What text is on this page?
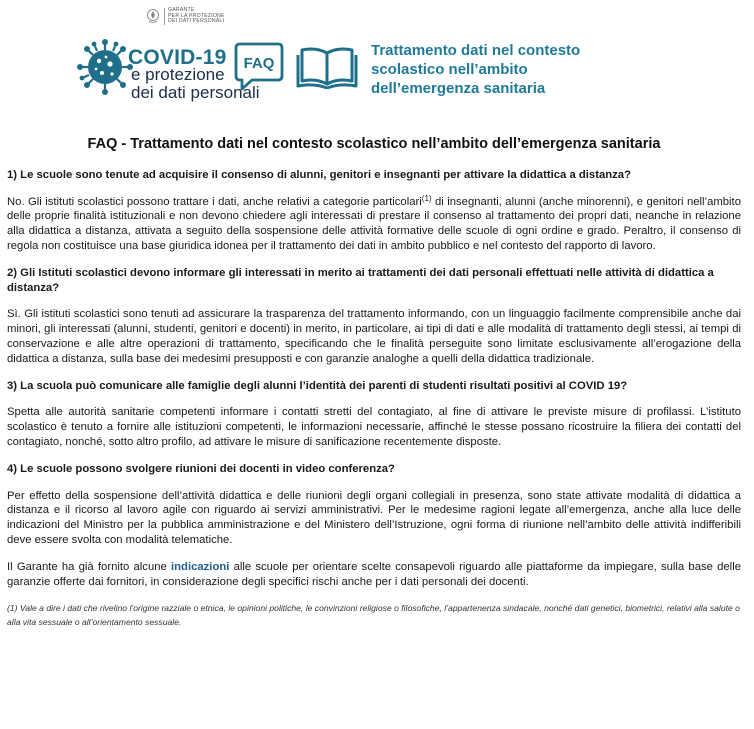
GARANTE
PER LA PROTEZIONE
DEI DATI PERSONALI
COVID-19
e protezione
dei dati personali
FAQ
Trattamento dati nel contesto
scolastico nell’ambito
dell’emergenza sanitaria
FAQ - Trattamento dati nel contesto scolastico nell’ambito dell’emergenza sanitaria
1) Le scuole sono tenute ad acquisire il consenso di alunni, genitori e insegnanti per attivare la didattica a distanza?
No. Gli istituti scolastici possono trattare i dati, anche relativi a categorie particolari$^{(1)}$ di insegnanti, alunni (anche minorenni), e genitori nell’ambito delle proprie finalità istituzionali e non devono chiedere agli interessati di prestare il consenso al trattamento dei propri dati, neanche in relazione alla didattica a distanza, attivata a seguito della sospensione delle attività formative delle scuole di ogni ordine e grado. Peraltro, il consenso di regola non costituisce una base giuridica idonea per il trattamento dei dati in ambito pubblico e nel contesto del rapporto di lavoro.
2) Gli Istituti scolastici devono informare gli interessati in merito ai trattamenti dei dati personali effettuati nelle attività di didattica a distanza?
Sì. Gli istituti scolastici sono tenuti ad assicurare la trasparenza del trattamento informando, con un linguaggio facilmente comprensibile anche dai minori, gli interessati (alunni, studenti, genitori e docenti) in merito, in particolare, ai tipi di dati e alle modalità di trattamento degli stessi, ai tempi di conservazione e alle altre operazioni di trattamento, specificando che le finalità perseguite sono limitate esclusivamente all’erogazione della didattica a distanza, sulla base dei medesimi presupposti e con garanzie analoghe a quelli della didattica tradizionale.
3) La scuola può comunicare alle famiglie degli alunni l’identità dei parenti di studenti risultati positivi al COVID 19?
Spetta alle autorità sanitarie competenti informare i contatti stretti del contagiato, al fine di attivare le previste misure di profilassi. L’istituto scolastico è tenuto a fornire alle istituzioni competenti, le informazioni necessarie, affinché le stesse possano ricostruire la filiera dei contatti del contagiato, nonché, sotto altro profilo, ad attivare le misure di sanificazione recentemente disposte.
4) Le scuole possono svolgere riunioni dei docenti in video conferenza?
Per effetto della sospensione dell’attività didattica e delle riunioni degli organi collegiali in presenza, sono state attivate modalità di didattica a distanza e il ricorso al lavoro agile con riguardo ai servizi amministrativi. Per le medesime ragioni legate all’emergenza, anche alla luce delle indicazioni del Ministro per la pubblica amministrazione e del Ministero dell’Istruzione, ogni forma di riunione nell’ambito delle attività indifferibili deve essere svolta con modalità telematiche.
Il Garante ha già fornito alcune indicazioni alle scuole per orientare scelte consapevoli riguardo alle piattaforme da impiegare, sulla base delle garanzie offerte dai fornitori, in considerazione degli specifici rischi anche per i dati personali dei docenti.
(1) Vale a dire i dati che rivelino l’origine razziale o etnica, le opinioni politiche, le convinzioni religiose o filosofiche, l’appartenenza sindacale, nonché dati genetici, biometrici, relativi alla salute o alla vita sessuale o all’orientamento sessuale.
